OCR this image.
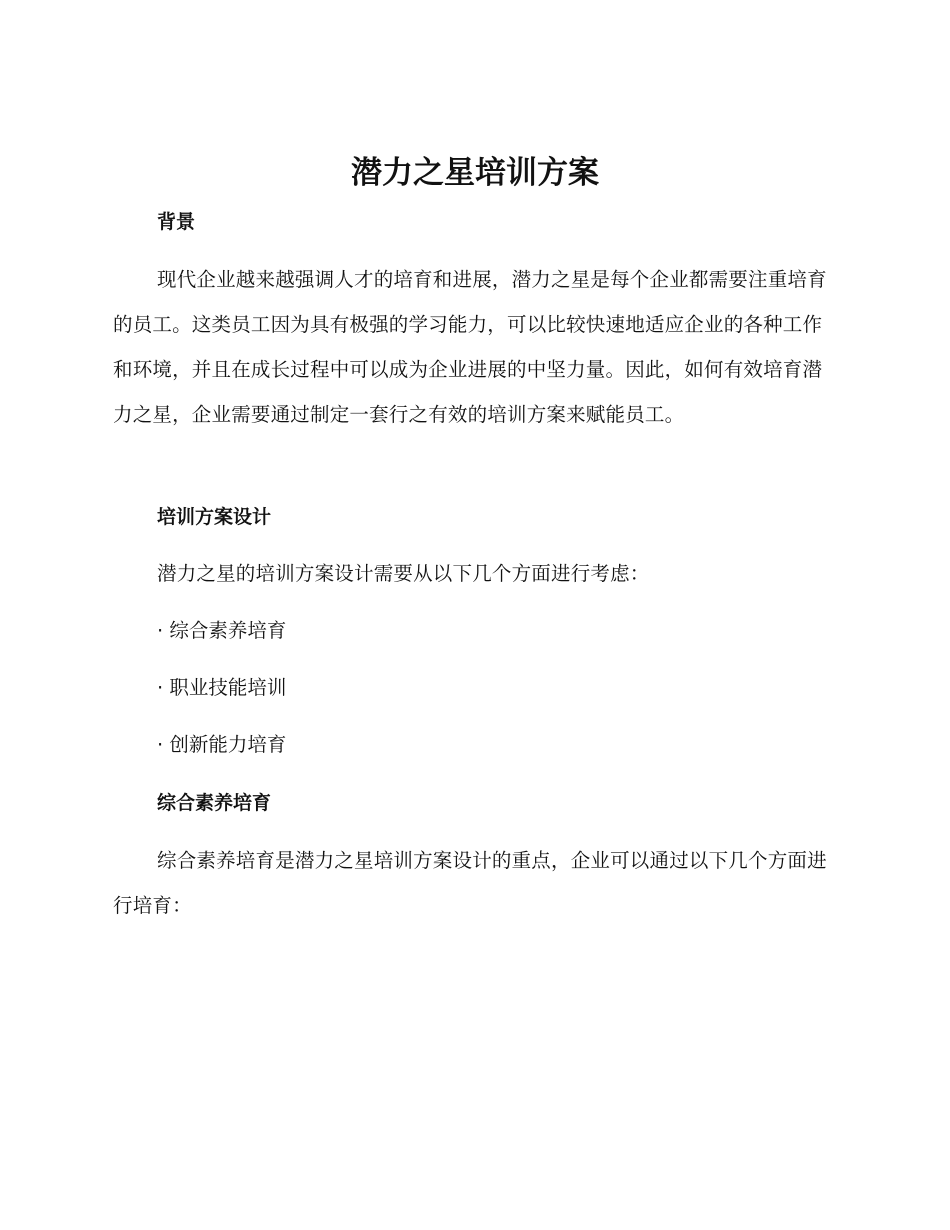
潜力之星培训方案
背景

现代企业越来越强调人才的培育和进展，潜力之星是每个企业都需要注重培育的员工。这类员工因为具有极强的学习能力，可以比较快速地适应企业的各种工作和环境，并且在成长过程中可以成为企业进展的中坚力量。因此，如何有效培育潜力之星，企业需要通过制定一套行之有效的培训方案来赋能员工。

培训方案设计

潜力之星的培训方案设计需要从以下几个方面进行考虑：

· 综合素养培育
· 职业技能培训
· 创新能力培育
综合素养培育

综合素养培育是潜力之星培训方案设计的重点，企业可以通过以下几个方面进行培育：
